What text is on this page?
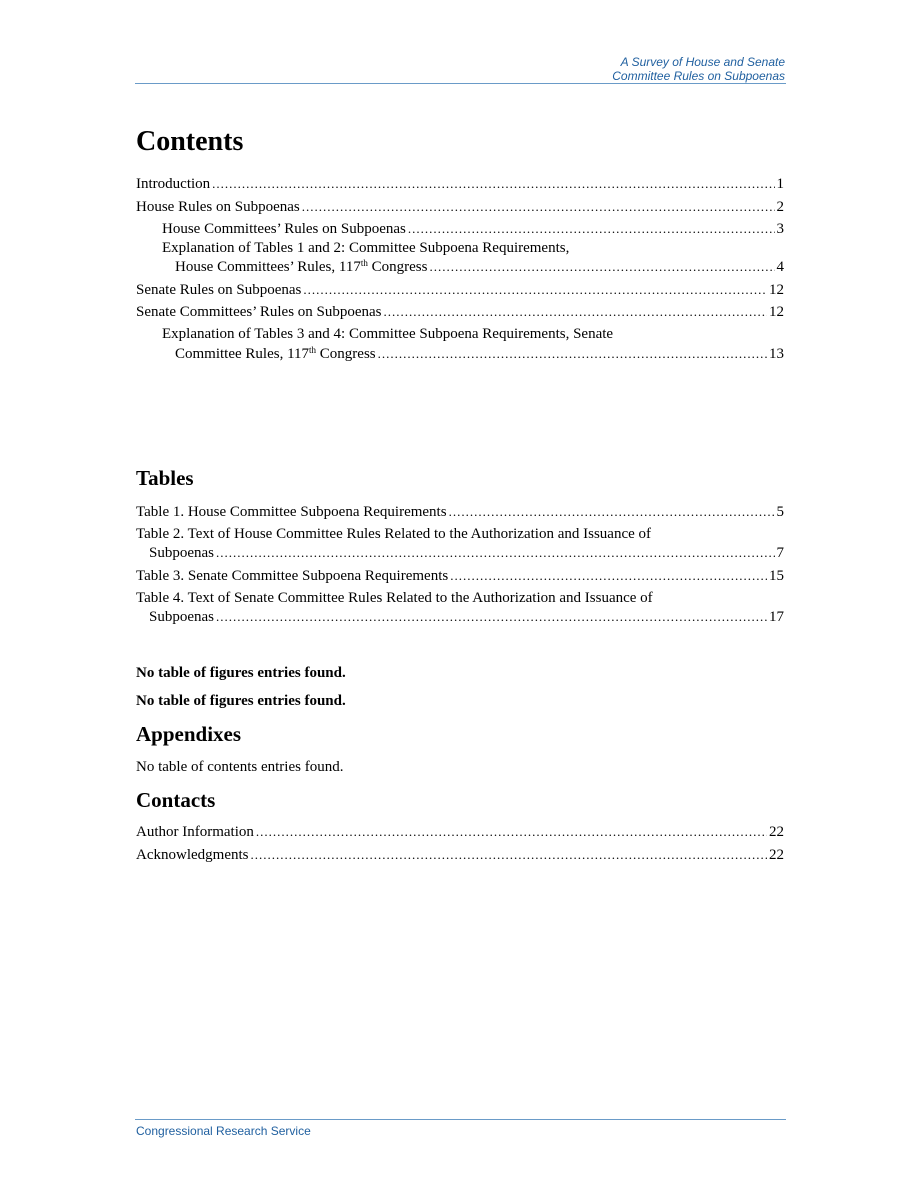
A Survey of House and Senate
Committee Rules on Subpoenas
Contents
Introduction .....	1
House Rules on Subpoenas .....	2
House Committees’ Rules on Subpoenas .....	3
Explanation of Tables 1 and 2: Committee Subpoena Requirements,
House Committees’ Rules, 117th Congress .....	4
Senate Rules on Subpoenas .....	12
Senate Committees’ Rules on Subpoenas .....	12
Explanation of Tables 3 and 4: Committee Subpoena Requirements, Senate
Committee Rules, 117th Congress .....	13
Tables
Table 1. House Committee Subpoena Requirements .....	5
Table 2. Text of House Committee Rules Related to the Authorization and Issuance of
Subpoenas .....	7
Table 3. Senate Committee Subpoena Requirements .....	15
Table 4. Text of Senate Committee Rules Related to the Authorization and Issuance of
Subpoenas .....	17
No table of figures entries found.
No table of figures entries found.
Appendixes
No table of contents entries found.
Contacts
Author Information .....	22
Acknowledgments .....	22
Congressional Research Service
